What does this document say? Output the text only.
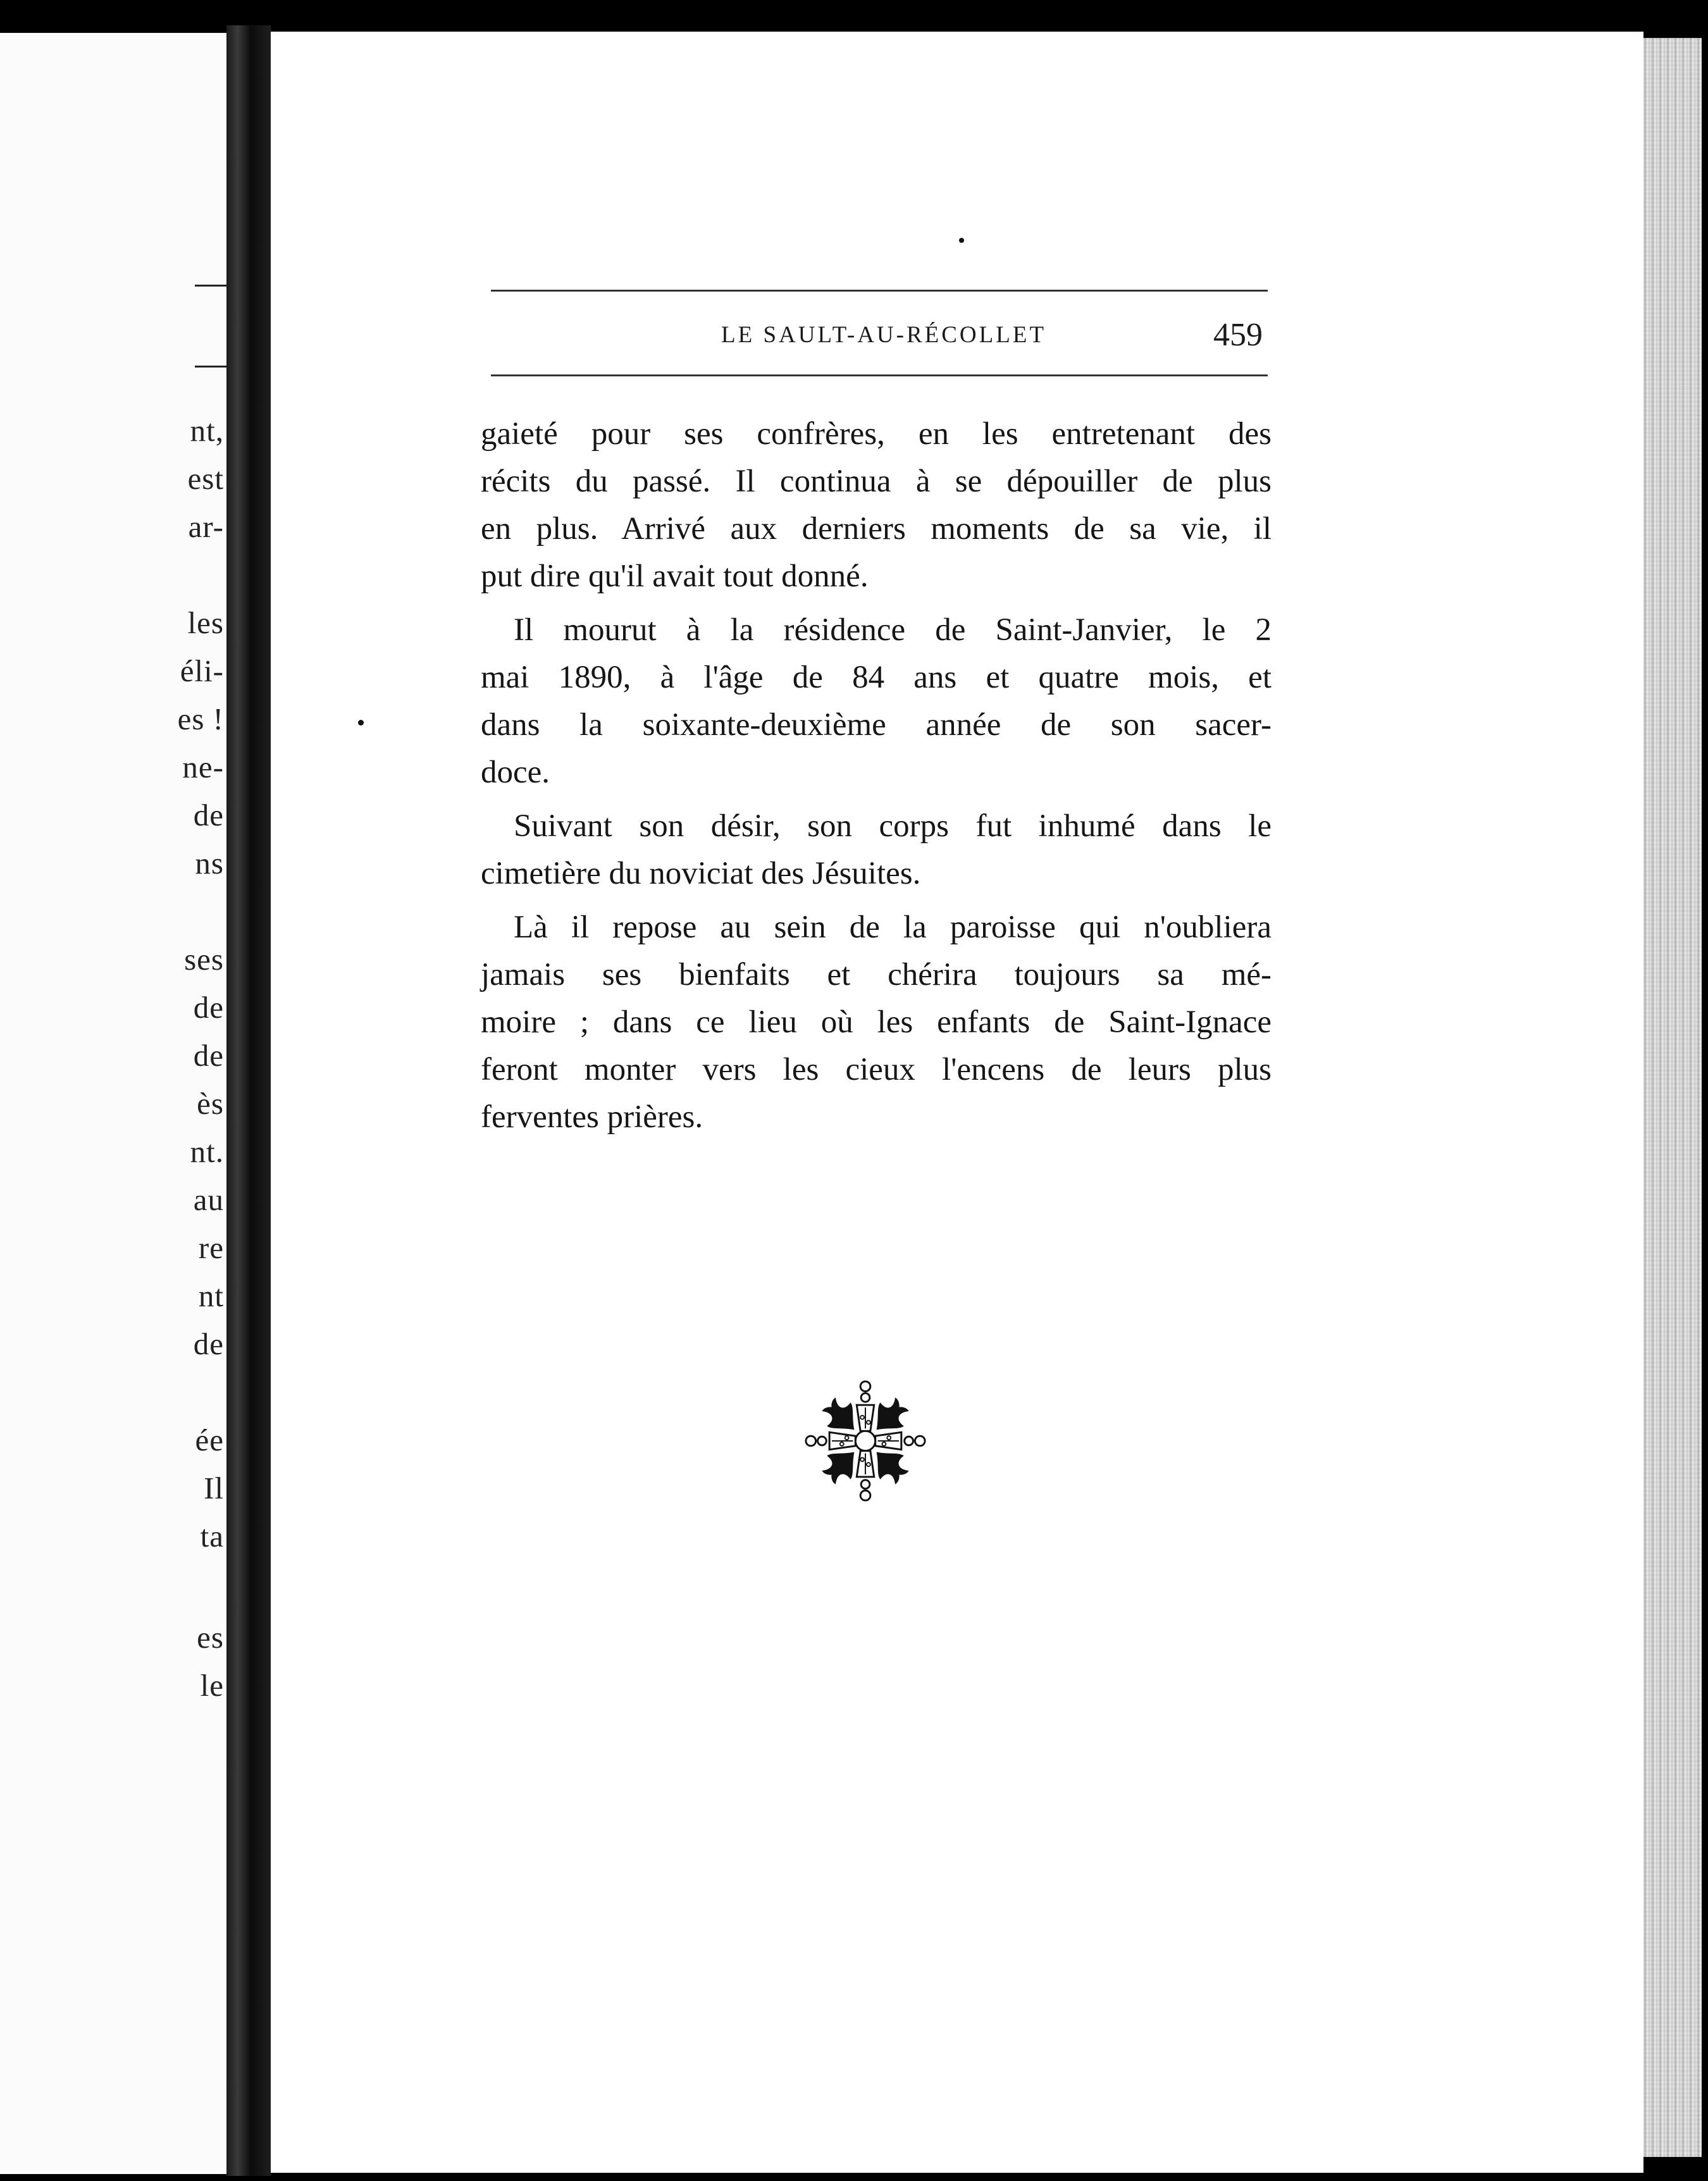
nt,
est
ar-
les
éli-
es !
ne-
de
ns
ses
de
de
ès
nt.
au
re
nt
de
ée
Il
ta
es
le
LE SAULT-AU-RÉCOLLET	459
gaieté pour ses confrères, en les entretenant des
récits du passé. Il continua à se dépouiller de plus
en plus. Arrivé aux derniers moments de sa vie, il
put dire qu'il avait tout donné.
Il mourut à la résidence de Saint-Janvier, le 2
mai 1890, à l'âge de 84 ans et quatre mois, et
dans la soixante-deuxième année de son sacer-
doce.
Suivant son désir, son corps fut inhumé dans le
cimetière du noviciat des Jésuites.
Là il repose au sein de la paroisse qui n'oubliera
jamais ses bienfaits et chérira toujours sa mé-
moire ; dans ce lieu où les enfants de Saint-Ignace
feront monter vers les cieux l'encens de leurs plus
ferventes prières.
